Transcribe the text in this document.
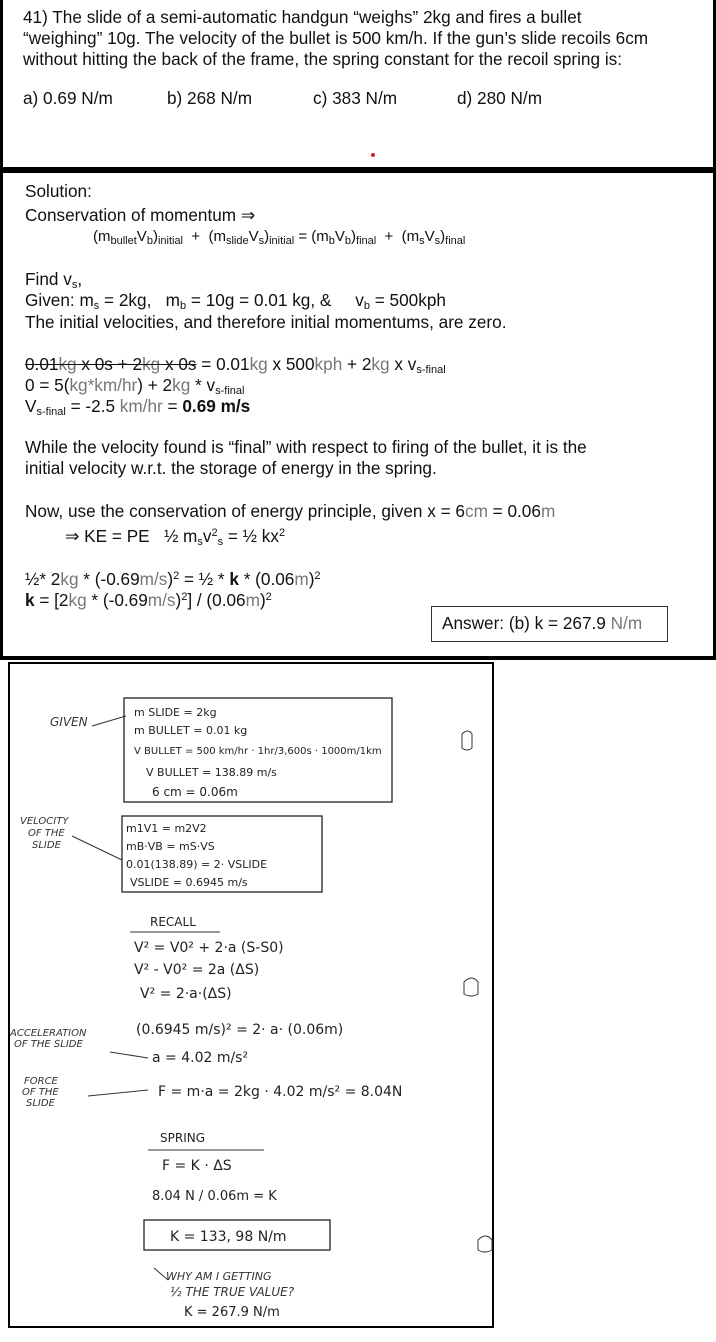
41) The slide of a semi-automatic handgun “weighs” 2kg and fires a bullet “weighing” 10g. The velocity of the bullet is 500 km/h. If the gun’s slide recoils 6cm without hitting the back of the frame, the spring constant for the recoil spring is:
a) 0.69 N/m	b) 268 N/m	c) 383 N/m	d) 280 N/m
Solution:
Conservation of momentum ⇒
$(m_{bullet}V_b)_{initial} + (m_{slide}V_s)_{initial} = (m_bV_b)_{final} + (m_sV_s)_{final}$
Find $v_s$,
Given: $m_s = 2kg$,   $m_b = 10g = 0.01$ kg, &     $v_b = 500kph$
The initial velocities, and therefore initial momentums, are zero.
0.01kg x 0s + 2kg x 0s = 0.01kg x 500kph + 2kg x $v_{s-final}$
$0 = 5(kg*km/hr) + 2kg * v_{s-final}$
$V_{s-final} = -2.5$ km/hr = 0.69 m/s
While the velocity found is “final” with respect to firing of the bullet, it is the
initial velocity w.r.t. the storage of energy in the spring.
Now, use the conservation of energy principle, given x = 6cm = 0.06m
⇒ KE = PE   ½ $m_sv^2_s$ = ½ $kx^2$
½* $2kg * (-0.69m/s)^2$ = ½ * k * $(0.06m)^2$
$k = [2kg * (-0.69m/s)^2] / (0.06m)^2$
Answer: (b) k = 267.9 N/m
GIVEN
m SLIDE = 2kg
m BULLET = 0.01 kg
V BULLET = 500 km/hr · 1hr/3,600s · 1000m/1km
V BULLET = 138.89 m/s
6 cm = 0.06m
VELOCITY
OF THE
SLIDE
m1V1 = m2V2
mB·VB = mS·VS
0.01(138.89) = 2· VSLIDE
VSLIDE = 0.6945 m/s
RECALL
V² = V0² + 2·a (S-S0)
V² - V0² = 2a (ΔS)
V² = 2·a·(ΔS)
ACCELERATION
OF THE SLIDE
(0.6945 m/s)² = 2· a· (0.06m)
a = 4.02 m/s²
FORCE
OF THE
SLIDE
F = m·a = 2kg · 4.02 m/s² = 8.04N
SPRING
F = K · ΔS
8.04 N / 0.06m = K
K = 133, 98 N/m
WHY AM I GETTING
½ THE TRUE VALUE?
K = 267.9 N/m
